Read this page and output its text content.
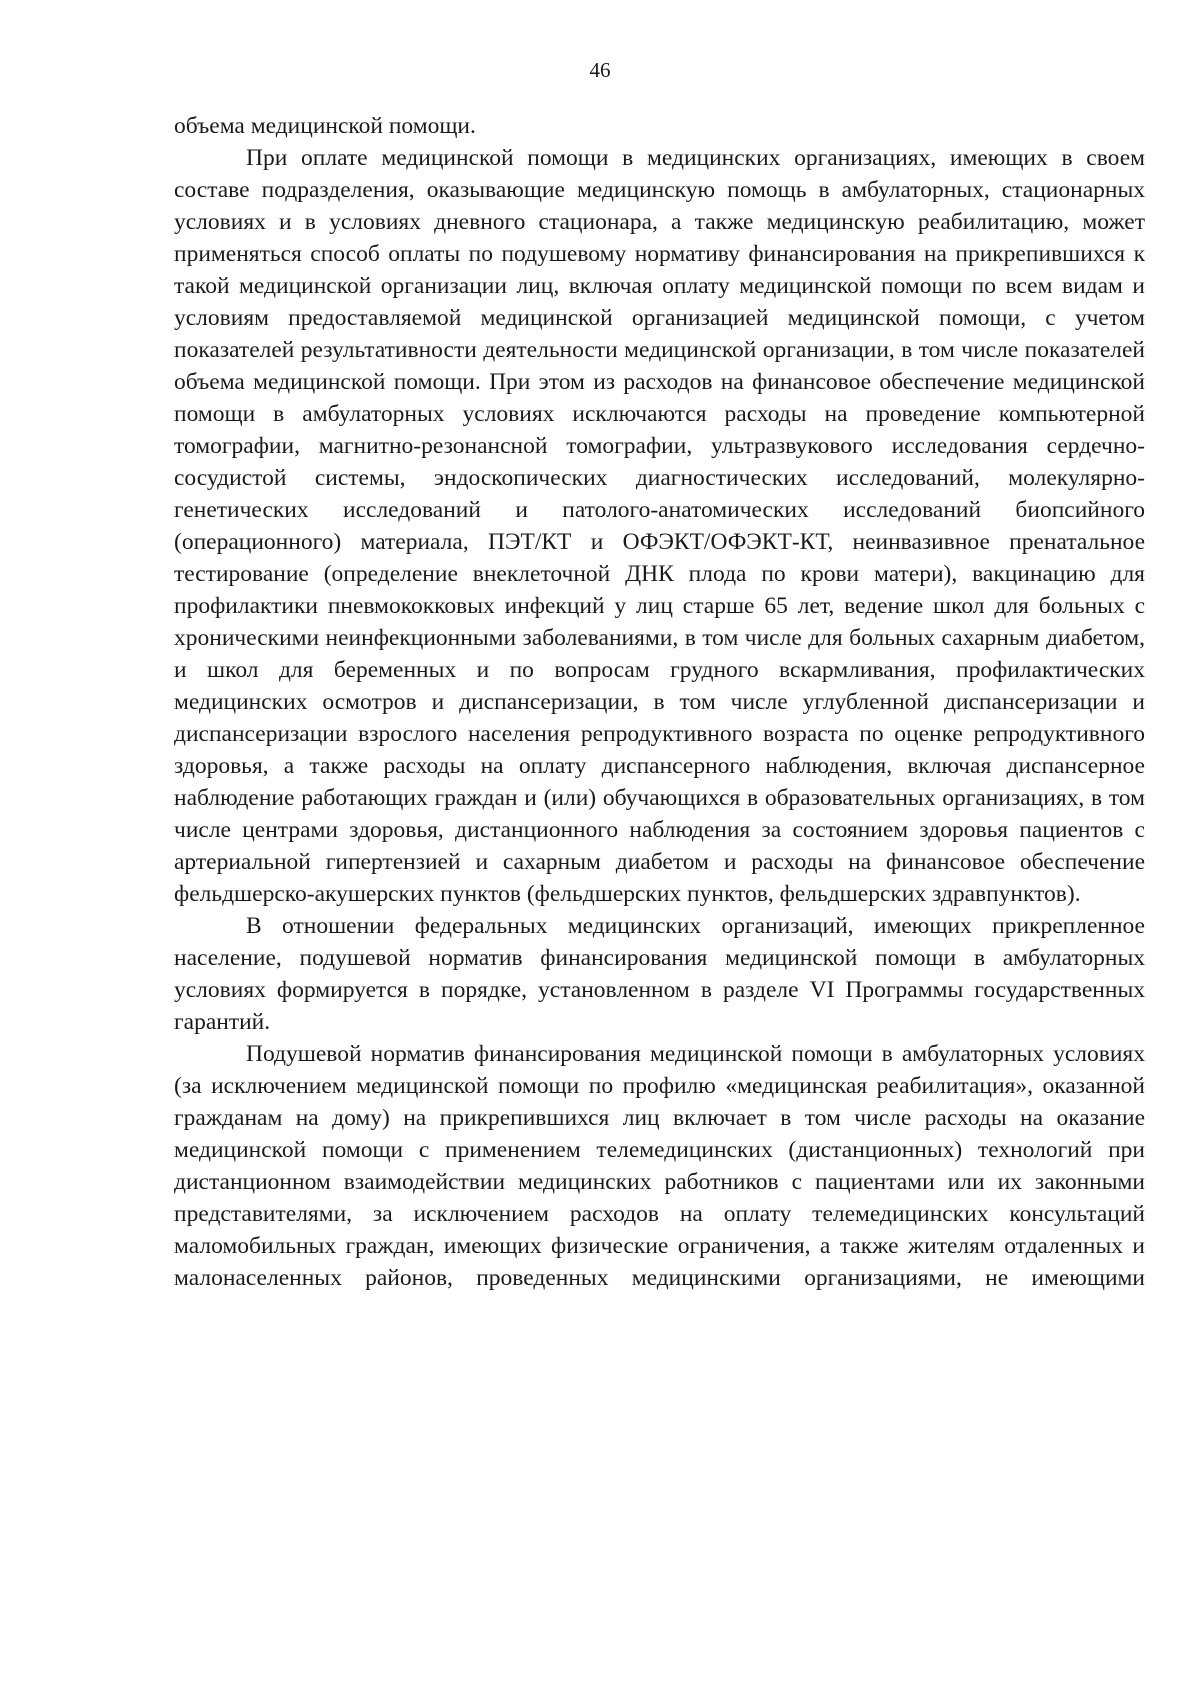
46

объема медицинской помощи.

При оплате медицинской помощи в медицинских организациях, имеющих в своем составе подразделения, оказывающие медицинскую помощь в амбулаторных, стационарных условиях и в условиях дневного стационара, а также медицинскую реабилитацию, может применяться способ оплаты по подушевому нормативу финансирования на прикрепившихся к такой медицинской организации лиц, включая оплату медицинской помощи по всем видам и условиям предоставляемой медицинской организацией медицинской помощи, с учетом показателей результативности деятельности медицинской организации, в том числе показателей объема медицинской помощи. При этом из расходов на финансовое обеспечение медицинской помощи в амбулаторных условиях исключаются расходы на проведение компьютерной томографии, магнитно-резонансной томографии, ультразвукового исследования сердечно-сосудистой системы, эндоскопических диагностических исследований, молекулярно-генетических исследований и патолого-анатомических исследований биопсийного (операционного) материала, ПЭТ/КТ и ОФЭКТ/ОФЭКТ-КТ, неинвазивное пренатальное тестирование (определение внеклеточной ДНК плода по крови матери), вакцинацию для профилактики пневмококковых инфекций у лиц старше 65 лет, ведение школ для больных с хроническими неинфекционными заболеваниями, в том числе для больных сахарным диабетом, и школ для беременных и по вопросам грудного вскармливания, профилактических медицинских осмотров и диспансеризации, в том числе углубленной диспансеризации и диспансеризации взрослого населения репродуктивного возраста по оценке репродуктивного здоровья, а также расходы на оплату диспансерного наблюдения, включая диспансерное наблюдение работающих граждан и (или) обучающихся в образовательных организациях, в том числе центрами здоровья, дистанционного наблюдения за состоянием здоровья пациентов с артериальной гипертензией и сахарным диабетом и расходы на финансовое обеспечение фельдшерско-акушерских пунктов (фельдшерских пунктов, фельдшерских здравпунктов).

В отношении федеральных медицинских организаций, имеющих прикрепленное население, подушевой норматив финансирования медицинской помощи в амбулаторных условиях формируется в порядке, установленном в разделе VI Программы государственных гарантий.

Подушевой норматив финансирования медицинской помощи в амбулаторных условиях (за исключением медицинской помощи по профилю «медицинская реабилитация», оказанной гражданам на дому) на прикрепившихся лиц включает в том числе расходы на оказание медицинской помощи с применением телемедицинских (дистанционных) технологий при дистанционном взаимодействии медицинских работников с пациентами или их законными представителями, за исключением расходов на оплату телемедицинских консультаций маломобильных граждан, имеющих физические ограничения, а также жителям отдаленных и малонаселенных районов, проведенных медицинскими организациями, не имеющими
